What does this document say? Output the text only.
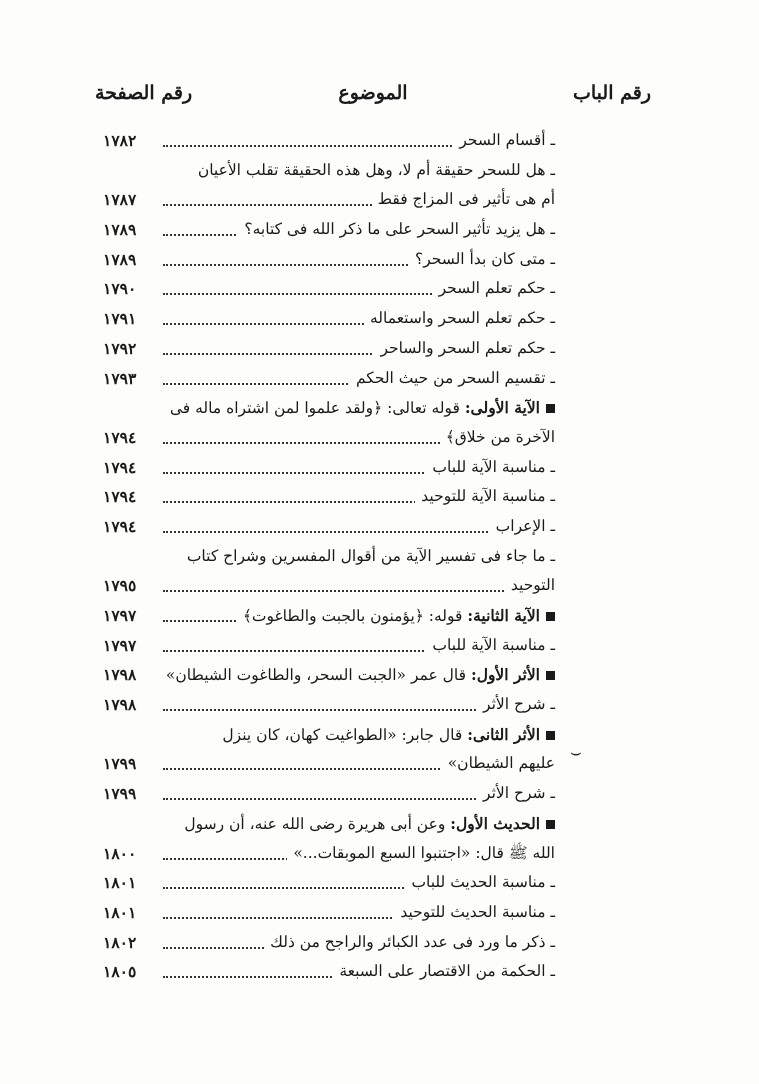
رقم الباب
الموضوع
رقم الصفحة
ـ أقسام السحر
١٧٨٢
ـ هل للسحر حقيقة أم لا، وهل هذه الحقيقة تقلب الأعيان
أم هى تأثير فى المزاج فقط
١٧٨٧
ـ هل يزيد تأثير السحر على ما ذكر الله فى كتابه؟
١٧٨٩
ـ متى كان بدأ السحر؟
١٧٨٩
ـ حكم تعلم السحر
١٧٩٠
ـ حكم تعلم السحر واستعماله
١٧٩١
ـ حكم تعلم السحر والساحر
١٧٩٢
ـ تقسيم السحر من حيث الحكم
١٧٩٣
الآية الأولى: قوله تعالى: ﴿ولقد علموا لمن اشتراه ماله فى
الآخرة من خلاق﴾
١٧٩٤
ـ مناسبة الآية للباب
١٧٩٤
ـ مناسبة الآية للتوحيد
١٧٩٤
ـ الإعراب
١٧٩٤
ـ ما جاء فى تفسير الآية من أقوال المفسرين وشراح كتاب
التوحيد
١٧٩٥
الآية الثانية: قوله: ﴿يؤمنون بالجبت والطاغوت﴾
١٧٩٧
ـ مناسبة الآية للباب
١٧٩٧
الأثر الأول: قال عمر «الجبت السحر، والطاغوت الشيطان»
١٧٩٨
ـ شرح الأثر
١٧٩٨
الأثر الثانى: قال جابر: «الطواغيت كهان، كان ينزل
عليهم الشيطان»
١٧٩٩
ـ شرح الأثر
١٧٩٩
الحديث الأول: وعن أبى هريرة رضى الله عنه، أن رسول
الله ﷺ قال: «اجتنبوا السبع الموبقات...»
١٨٠٠
ـ مناسبة الحديث للباب
١٨٠١
ـ مناسبة الحديث للتوحيد
١٨٠١
ـ ذكر ما ورد فى عدد الكبائر والراجح من ذلك
١٨٠٢
ـ الحكمة من الاقتصار على السبعة
١٨٠٥
⌣
